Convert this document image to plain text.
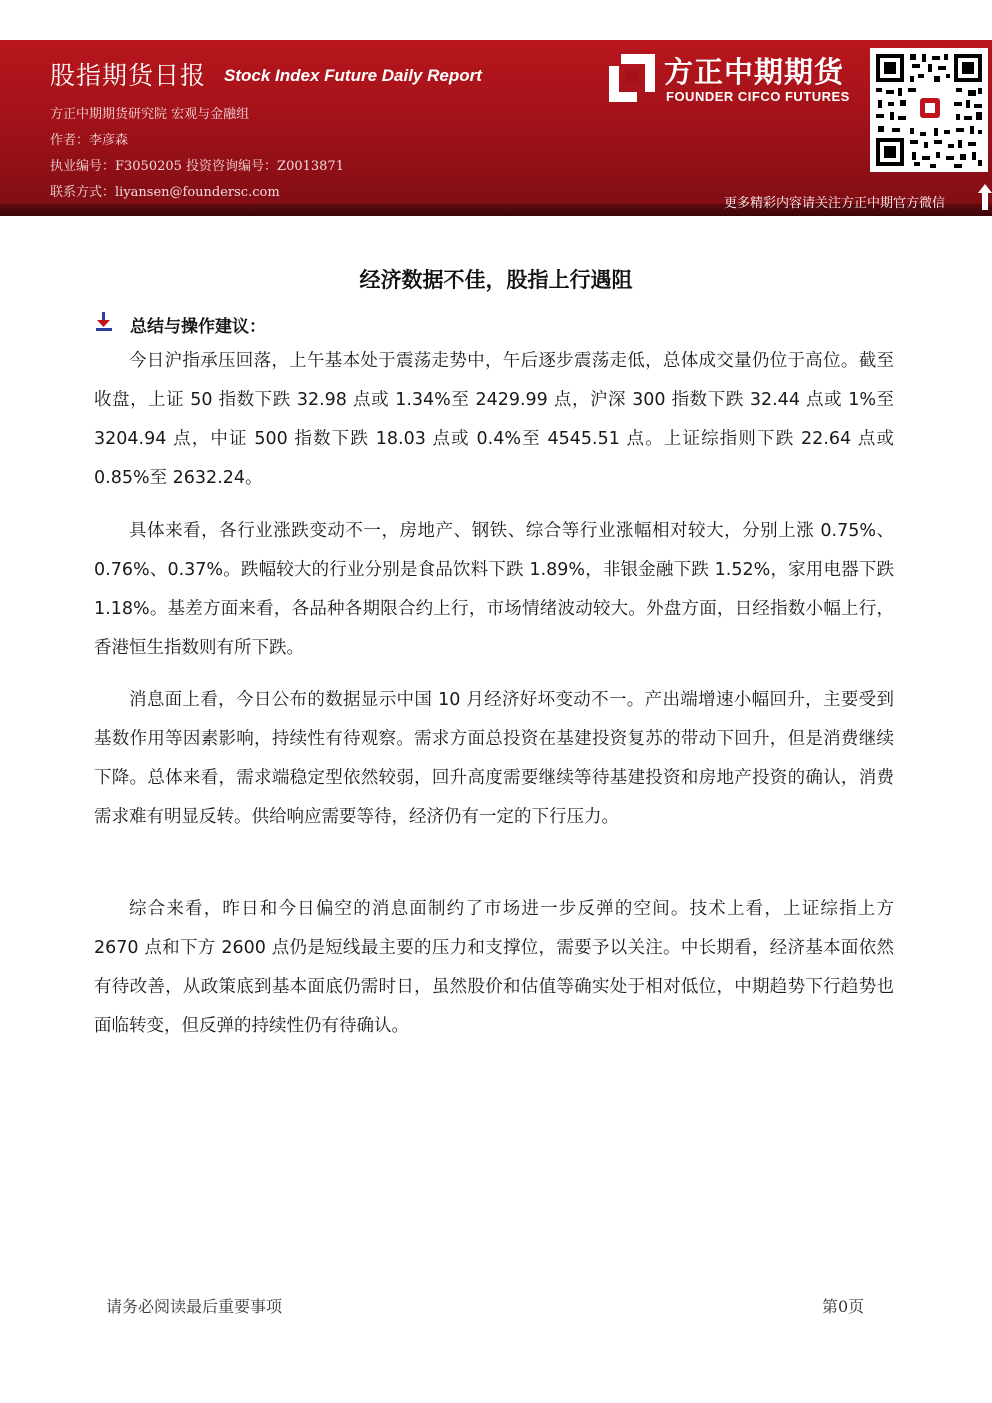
股指期货日报 Stock Index Future Daily Report
方正中期期货研究院 宏观与金融组
作者：李彦森
执业编号：F3050205 投资咨询编号：Z0013871
联系方式：liyansen@foundersc.com
方正中期期货
FOUNDER CIFCO FUTURES
更多精彩内容请关注方正中期官方微信
经济数据不佳，股指上行遇阻
总结与操作建议：

今日沪指承压回落，上午基本处于震荡走势中，午后逐步震荡走低，总体成交量仍位于高位。截至收盘，上证 50 指数下跌 32.98 点或 1.34%至 2429.99 点，沪深 300 指数下跌 32.44 点或 1%至 3204.94 点，中证 500 指数下跌 18.03 点或 0.4%至 4545.51 点。上证综指则下跌 22.64 点或 0.85%至 2632.24。

具体来看，各行业涨跌变动不一，房地产、钢铁、综合等行业涨幅相对较大，分别上涨 0.75%、0.76%、0.37%。跌幅较大的行业分别是食品饮料下跌 1.89%，非银金融下跌 1.52%，家用电器下跌 1.18%。基差方面来看，各品种各期限合约上行，市场情绪波动较大。外盘方面，日经指数小幅上行，香港恒生指数则有所下跌。

消息面上看，今日公布的数据显示中国 10 月经济好坏变动不一。产出端增速小幅回升，主要受到基数作用等因素影响，持续性有待观察。需求方面总投资在基建投资复苏的带动下回升，但是消费继续下降。总体来看，需求端稳定型依然较弱，回升高度需要继续等待基建投资和房地产投资的确认，消费需求难有明显反转。供给响应需要等待，经济仍有一定的下行压力。

综合来看，昨日和今日偏空的消息面制约了市场进一步反弹的空间。技术上看，上证综指上方 2670 点和下方 2600 点仍是短线最主要的压力和支撑位，需要予以关注。中长期看，经济基本面依然有待改善，从政策底到基本面底仍需时日，虽然股价和估值等确实处于相对低位，中期趋势下行趋势也面临转变，但反弹的持续性仍有待确认。

请务必阅读最后重要事项	第0页
